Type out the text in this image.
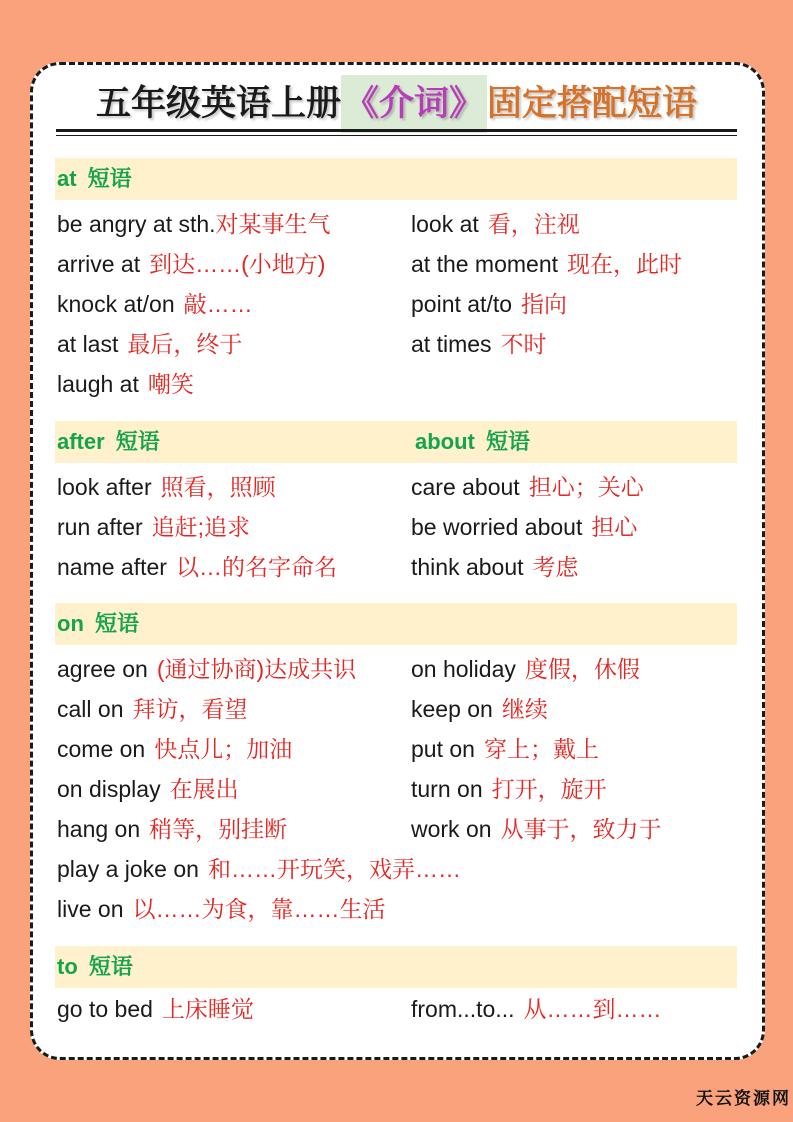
五年级英语上册《介词》固定搭配短语
at 短语
be angry at sth.对某事生气	look at 看，注视
arrive at 到达……(小地方)	at the moment 现在，此时
knock at/on 敲……	point at/to 指向
at last 最后，终于	at times 不时
laugh at 嘲笑
after 短语	about 短语
look after 照看，照顾	care about 担心；关心
run after 追赶;追求	be worried about 担心
name after 以…的名字命名	think about 考虑
on 短语
agree on (通过协商)达成共识	on holiday 度假，休假
call on 拜访，看望	keep on 继续
come on 快点儿；加油	put on 穿上；戴上
on display 在展出	turn on 打开，旋开
hang on 稍等，别挂断	work on 从事于，致力于
play a joke on 和……开玩笑，戏弄……
live on 以……为食，靠……生活
to 短语
go to bed 上床睡觉	from...to... 从……到……
天云资源网
